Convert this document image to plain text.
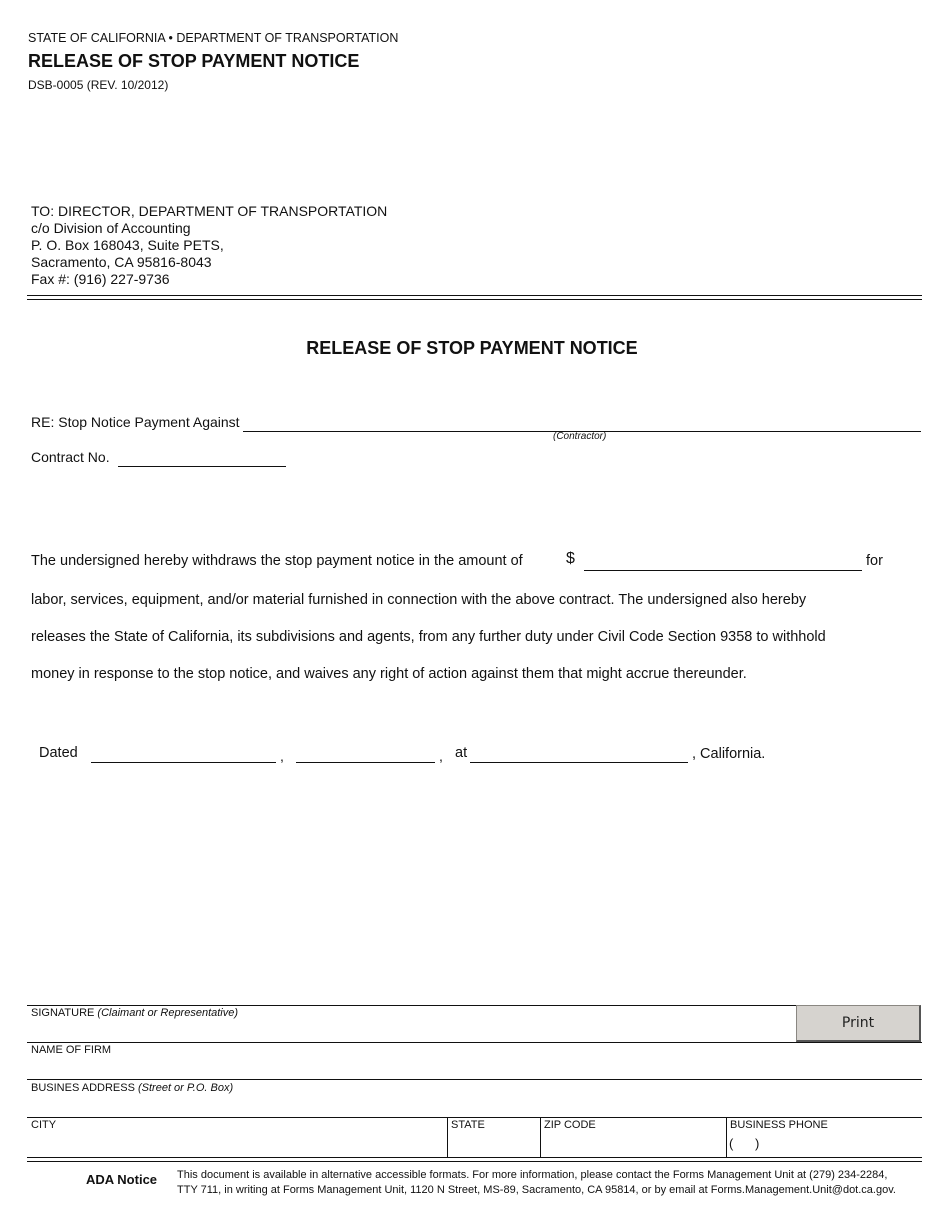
STATE OF CALIFORNIA • DEPARTMENT OF TRANSPORTATION
RELEASE OF STOP PAYMENT NOTICE
DSB-0005 (REV. 10/2012)
TO: DIRECTOR, DEPARTMENT OF TRANSPORTATION
c/o Division of Accounting
P. O. Box 168043, Suite PETS,
Sacramento, CA 95816-8043
Fax #: (916) 227-9736
RELEASE OF STOP PAYMENT NOTICE
RE: Stop Notice Payment Against
(Contractor)
Contract No.
The undersigned hereby withdraws the stop payment notice in the amount of	$	for
labor, services, equipment, and/or material furnished in connection with the above contract. The undersigned also hereby
releases the State of California, its subdivisions and agents, from any further duty under Civil Code Section 9358 to withhold
money in response to the stop notice, and waives any right of action against them that might accrue thereunder.
Dated	,	, at	, California.
SIGNATURE (Claimant or Representative)
Print
NAME OF FIRM
BUSINES ADDRESS (Street or P.O. Box)
CITY	STATE	ZIP CODE	BUSINESS PHONE
(      )
ADA Notice This document is available in alternative accessible formats. For more information, please contact the Forms Management Unit at (279) 234-2284,
TTY 711, in writing at Forms Management Unit, 1120 N Street, MS-89, Sacramento, CA 95814, or by email at Forms.Management.Unit@dot.ca.gov.
